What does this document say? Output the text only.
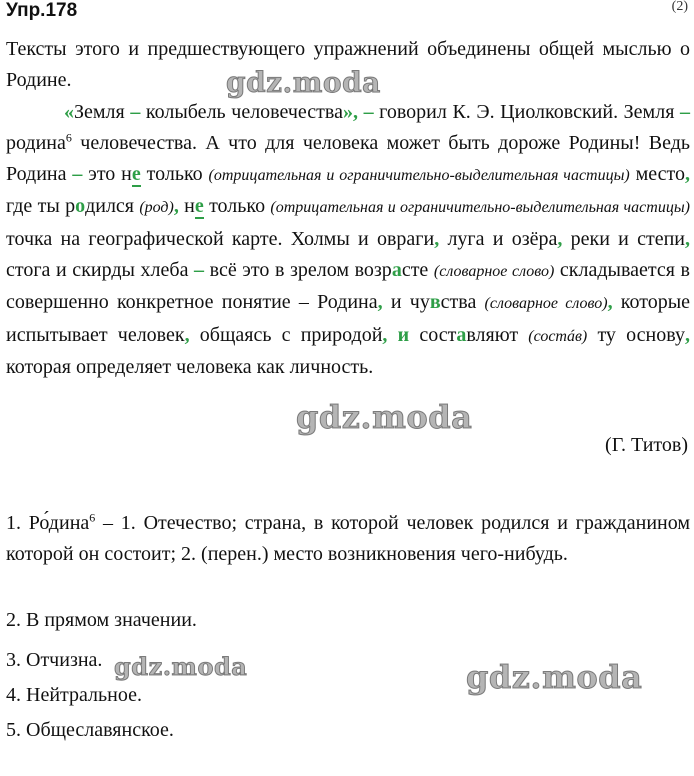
Упр.178	(2)

Тексты этого и предшествующего упражнений объединены общей мыслью о Родине.

«Земля – колыбель человечества», – говорил К. Э. Циолковский. Земля – родина$^6$ человечества. А что для человека может быть дороже Родины! Ведь Родина – это не только (отрицательная и ограничительно-выделительная частицы) место, где ты родился (род), не только (отрицательная и ограничительно-выделительная частицы) точка на географической карте. Холмы и овраги, луга и озёра, реки и степи, стога и скирды хлеба – всё это в зрелом возрасте (словарное слово) складывается в совершенно конкретное понятие – Родина, и чувства (словарное слово), которые испытывает человек, общаясь с природой, и составляют (состáв) ту основу, которая определяет человека как личность.

(Г. Титов)

1. Ро́дина$^6$ – 1. Отечество; страна, в которой человек родился и гражданином которой он состоит; 2. (перен.) место возникновения чего-нибудь.

2. В прямом значении.
3. Отчизна.
4. Нейтральное.
5. Общеславянское.
gdz.moda
gdz.moda
gdz.moda	gdz.moda
